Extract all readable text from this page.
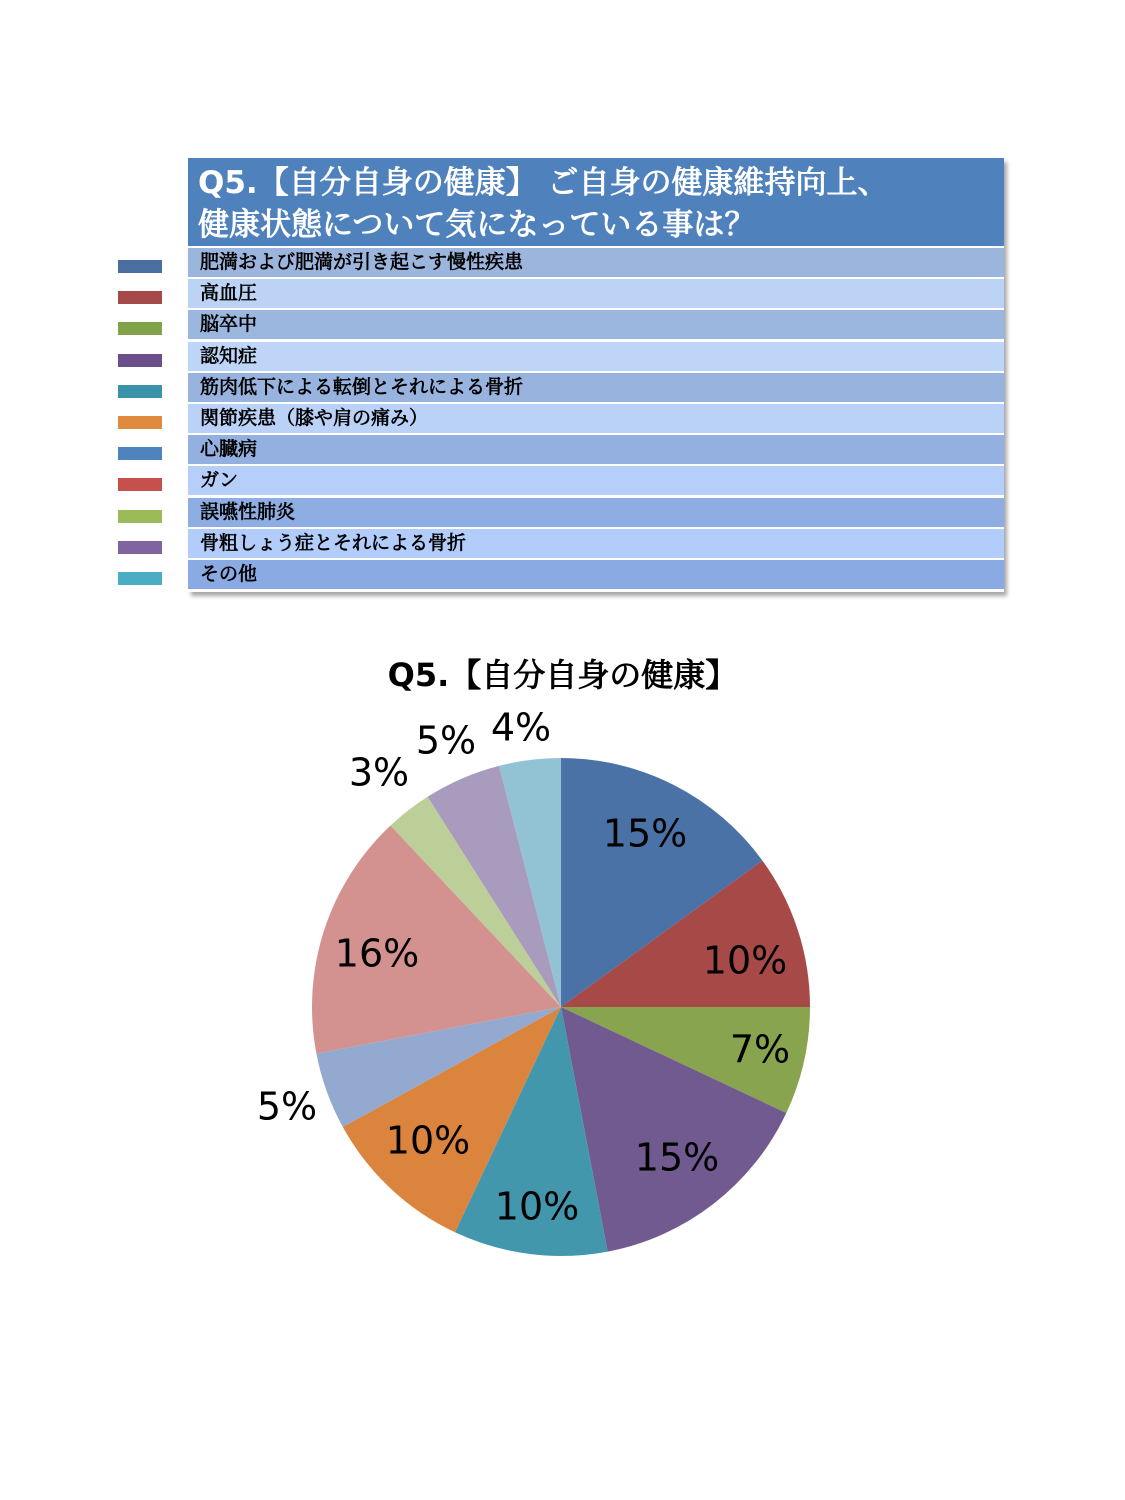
Q5.【自分自身の健康】 ご自身の健康維持向上、
健康状態について気になっている事は？
肥満および肥満が引き起こす慢性疾患
高血圧
脳卒中
認知症
筋肉低下による転倒とそれによる骨折
関節疾患（膝や肩の痛み）
心臓病
ガン
誤嚥性肺炎
骨粗しょう症とそれによる骨折
その他
Q5.【自分自身の健康】
15%
10%
7%
15%
10%
10%
5%
16%
3%
5% 4%
